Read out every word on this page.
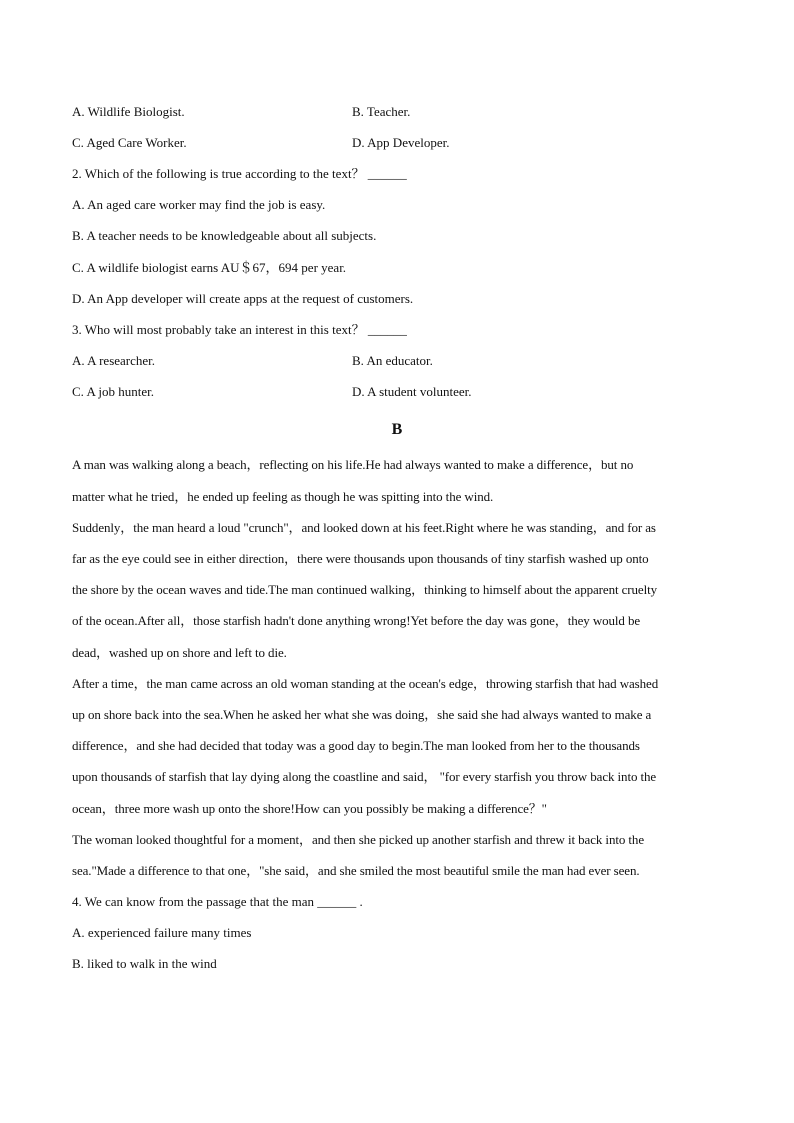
A. Wildlife Biologist.	B. Teacher.
C. Aged Care Worker.	D. App Developer.
2. Which of the following is true according to the text？ ______
A. An aged care worker may find the job is easy.
B. A teacher needs to be knowledgeable about all subjects.
C. A wildlife biologist earns AU＄67，694 per year.
D. An App developer will create apps at the request of customers.
3. Who will most probably take an interest in this text？ ______
A. A researcher.	B. An educator.
C. A job hunter.	D. A student volunteer.
B
A man was walking along a beach，reflecting on his life.He had always wanted to make a difference，but no
matter what he tried，he ended up feeling as though he was spitting into the wind.
Suddenly，the man heard a loud "crunch"，and looked down at his feet.Right where he was standing，and for as
far as the eye could see in either direction，there were thousands upon thousands of tiny starfish washed up onto
the shore by the ocean waves and tide.The man continued walking，thinking to himself about the apparent cruelty
of the ocean.After all，those starfish hadn't done anything wrong!Yet before the day was gone，they would be
dead，washed up on shore and left to die.
After a time，the man came across an old woman standing at the ocean's edge，throwing starfish that had washed
up on shore back into the sea.When he asked her what she was doing，she said she had always wanted to make a
difference，and she had decided that today was a good day to begin.The man looked from her to the thousands
upon thousands of starfish that lay dying along the coastline and said， "for every starfish you throw back into the
ocean，three more wash up onto the shore!How can you possibly be making a difference？"
The woman looked thoughtful for a moment，and then she picked up another starfish and threw it back into the
sea."Made a difference to that one，"she said，and she smiled the most beautiful smile the man had ever seen.
4. We can know from the passage that the man ______ .
A. experienced failure many times
B. liked to walk in the wind
